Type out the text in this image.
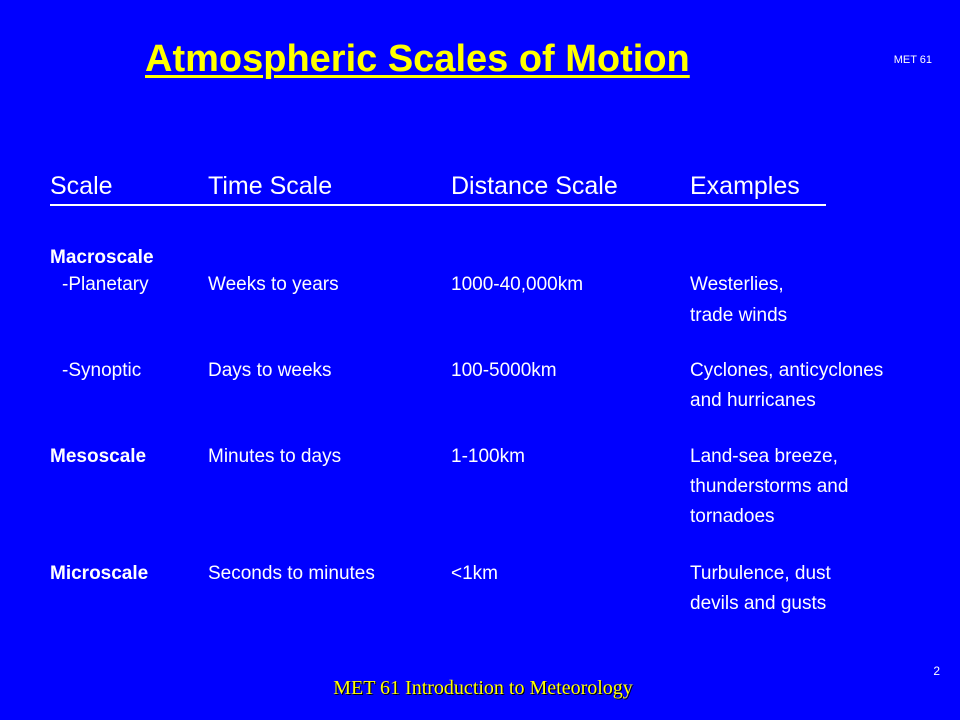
Atmospheric Scales of Motion	MET 61
Scale	Time Scale	Distance Scale	Examples
Macroscale
-Planetary	Weeks to years	1000-40,000km	Westerlies,
trade winds
-Synoptic	Days to weeks	100-5000km	Cyclones, anticyclones
and hurricanes
Mesoscale	Minutes to days	1-100km	Land-sea breeze,
thunderstorms and
tornadoes
Microscale	Seconds to minutes	<1km	Turbulence, dust
devils and gusts
2
MET 61 Introduction to Meteorology
